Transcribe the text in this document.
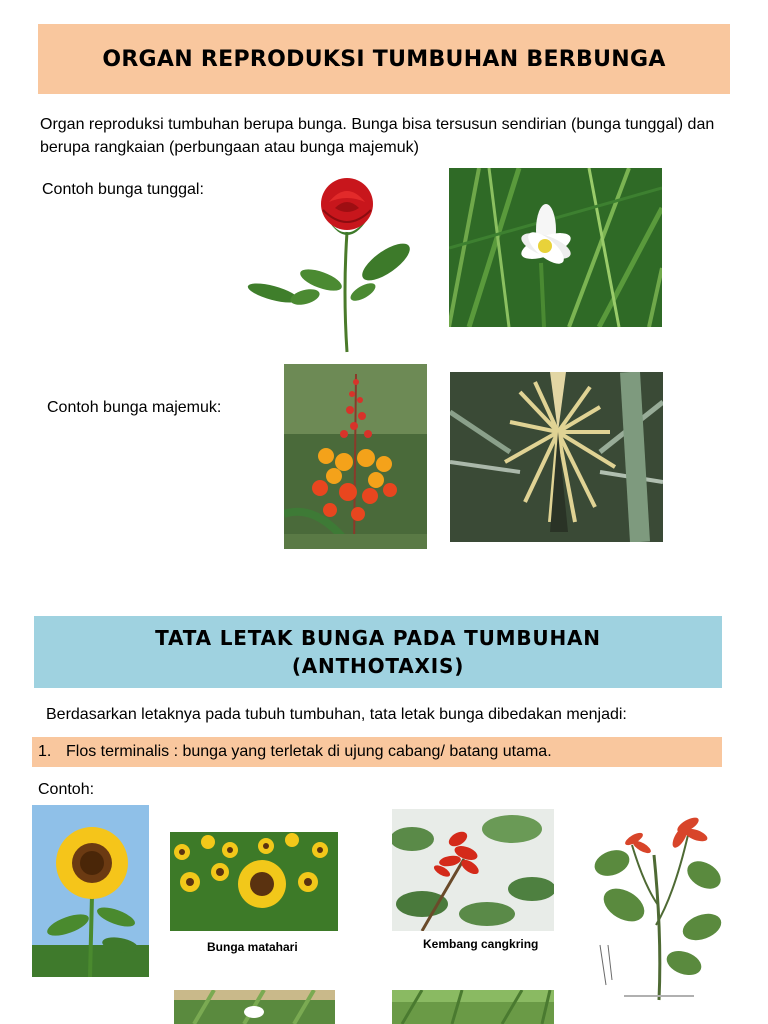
ORGAN REPRODUKSI TUMBUHAN BERBUNGA
Organ reproduksi tumbuhan berupa bunga. Bunga bisa tersusun sendirian (bunga tunggal) dan berupa rangkaian (perbungaan atau bunga majemuk)
Contoh bunga tunggal:
Contoh bunga majemuk:
TATA LETAK BUNGA PADA TUMBUHAN
(ANTHOTAXIS)
Berdasarkan letaknya pada tubuh tumbuhan, tata letak bunga dibedakan menjadi:
1. Flos terminalis : bunga yang terletak di ujung cabang/ batang utama.
Contoh:
Bunga matahari	Kembang cangkring
